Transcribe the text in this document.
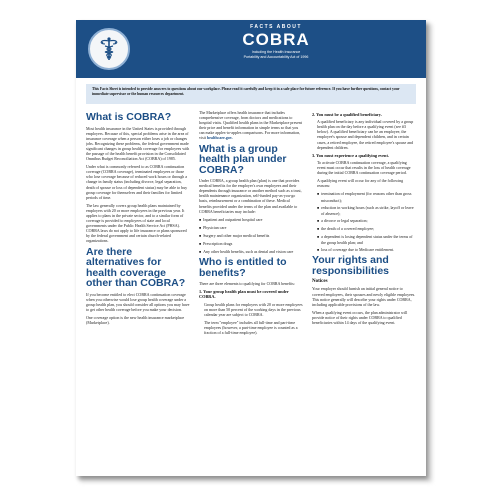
FACTS ABOUT
COBRA
Including the Health Insurance
Portability and Accountability Act of 1996
This Facts Sheet is intended to provide answers to questions about our workplace. Please read it carefully and keep it in a safe place for future reference. If you have further questions, contact your immediate supervisor or the human resources department.
What is COBRA?

Most health insurance in the United States is provided through employers. Because of this, special problems arise in the area of insurance coverage when a person either loses a job or changes jobs. Recognizing these problems, the federal government made significant changes in group health coverage for employees with the passage of the health benefit provision in the Consolidated Omnibus Budget Reconciliation Act (COBRA) of 1985.

Under what is commonly referred to as COBRA continuation coverage (COBRA coverage), terminated employees or those who lose coverage because of reduced work hours or through a change in family status (including divorce, legal separation, death of spouse or loss of dependent status) may be able to buy group coverage for themselves and their families for limited periods of time.

The law generally covers group health plans maintained by employers with 20 or more employees in the previous year. It applies to plans in the private sector, and to a similar form of coverage is provided to employees of state and local governments under the Public Health Service Act (PHSA). COBRA laws do not apply to life insurance or plans sponsored by the federal government and certain church-related organizations.

Are there alternatives for health coverage other than COBRA?

If you become entitled to elect COBRA continuation coverage when you otherwise would lose group health coverage under a group health plan, you should consider all options you may have to get other health coverage before you make your decision.

One coverage option is the new health insurance marketplace (Marketplace).

The Marketplace offers health insurance that includes comprehensive coverage, from doctors and medications to hospital visits. Qualified health plans in the Marketplace present their price and benefit information in simple terms so that you can make apples-to-apples comparisons. For more information, visit healthcare.gov.

What is a group health plan under COBRA?

Under COBRA, a group health plan (plan) is one that provides medical benefits for the employer's own employees and their dependents through insurance or another method such as a trust, health maintenance organization, self-funded pay-as-you-go basis, reimbursement or a combination of these. Medical benefits provided under the terms of the plan and available to COBRA beneficiaries may include:

■ Inpatient and outpatient hospital care
■ Physician care
■ Surgery and other major medical benefits
■ Prescription drugs
■ Any other health benefits, such as dental and vision care
Who is entitled to benefits?

There are three elements to qualifying for COBRA benefits:

1. Your group health plan must be covered under COBRA.

Group health plans for employers with 20 or more employees on more than 50 percent of the working days in the previous calendar year are subject to COBRA.

The term "employee" includes all full-time and part-time employees (however, a part-time employee is counted as a fraction of a full-time employee).

2. You must be a qualified beneficiary.

A qualified beneficiary is any individual covered by a group health plan on the day before a qualifying event (see #3 below). A qualified beneficiary can be an employee, the employee's spouse and dependent children, and in certain cases, a retired employee, the retired employee's spouse and dependent children.

3. You must experience a qualifying event.

To activate COBRA continuation coverage, a qualifying event must occur that results in the loss of health coverage during the initial COBRA continuation coverage period.

A qualifying event will occur for any of the following reasons:

■ termination of employment (for reasons other than gross misconduct);
■ reduction in working hours (such as strike, layoff or leave of absence);
■ a divorce or legal separation;
■ the death of a covered employee;
■ a dependent is losing dependent status under the terms of the group health plan; and
■ loss of coverage due to Medicare entitlement.
Your rights and responsibilities
Notices

Your employer should furnish an initial general notice to covered employees, their spouses and newly eligible employees. This notice generally will describe your rights under COBRA, including applicable provisions of the law.

When a qualifying event occurs, the plan administrator will provide notice of their rights under COBRA to qualified beneficiaries within 14 days of the qualifying event.
